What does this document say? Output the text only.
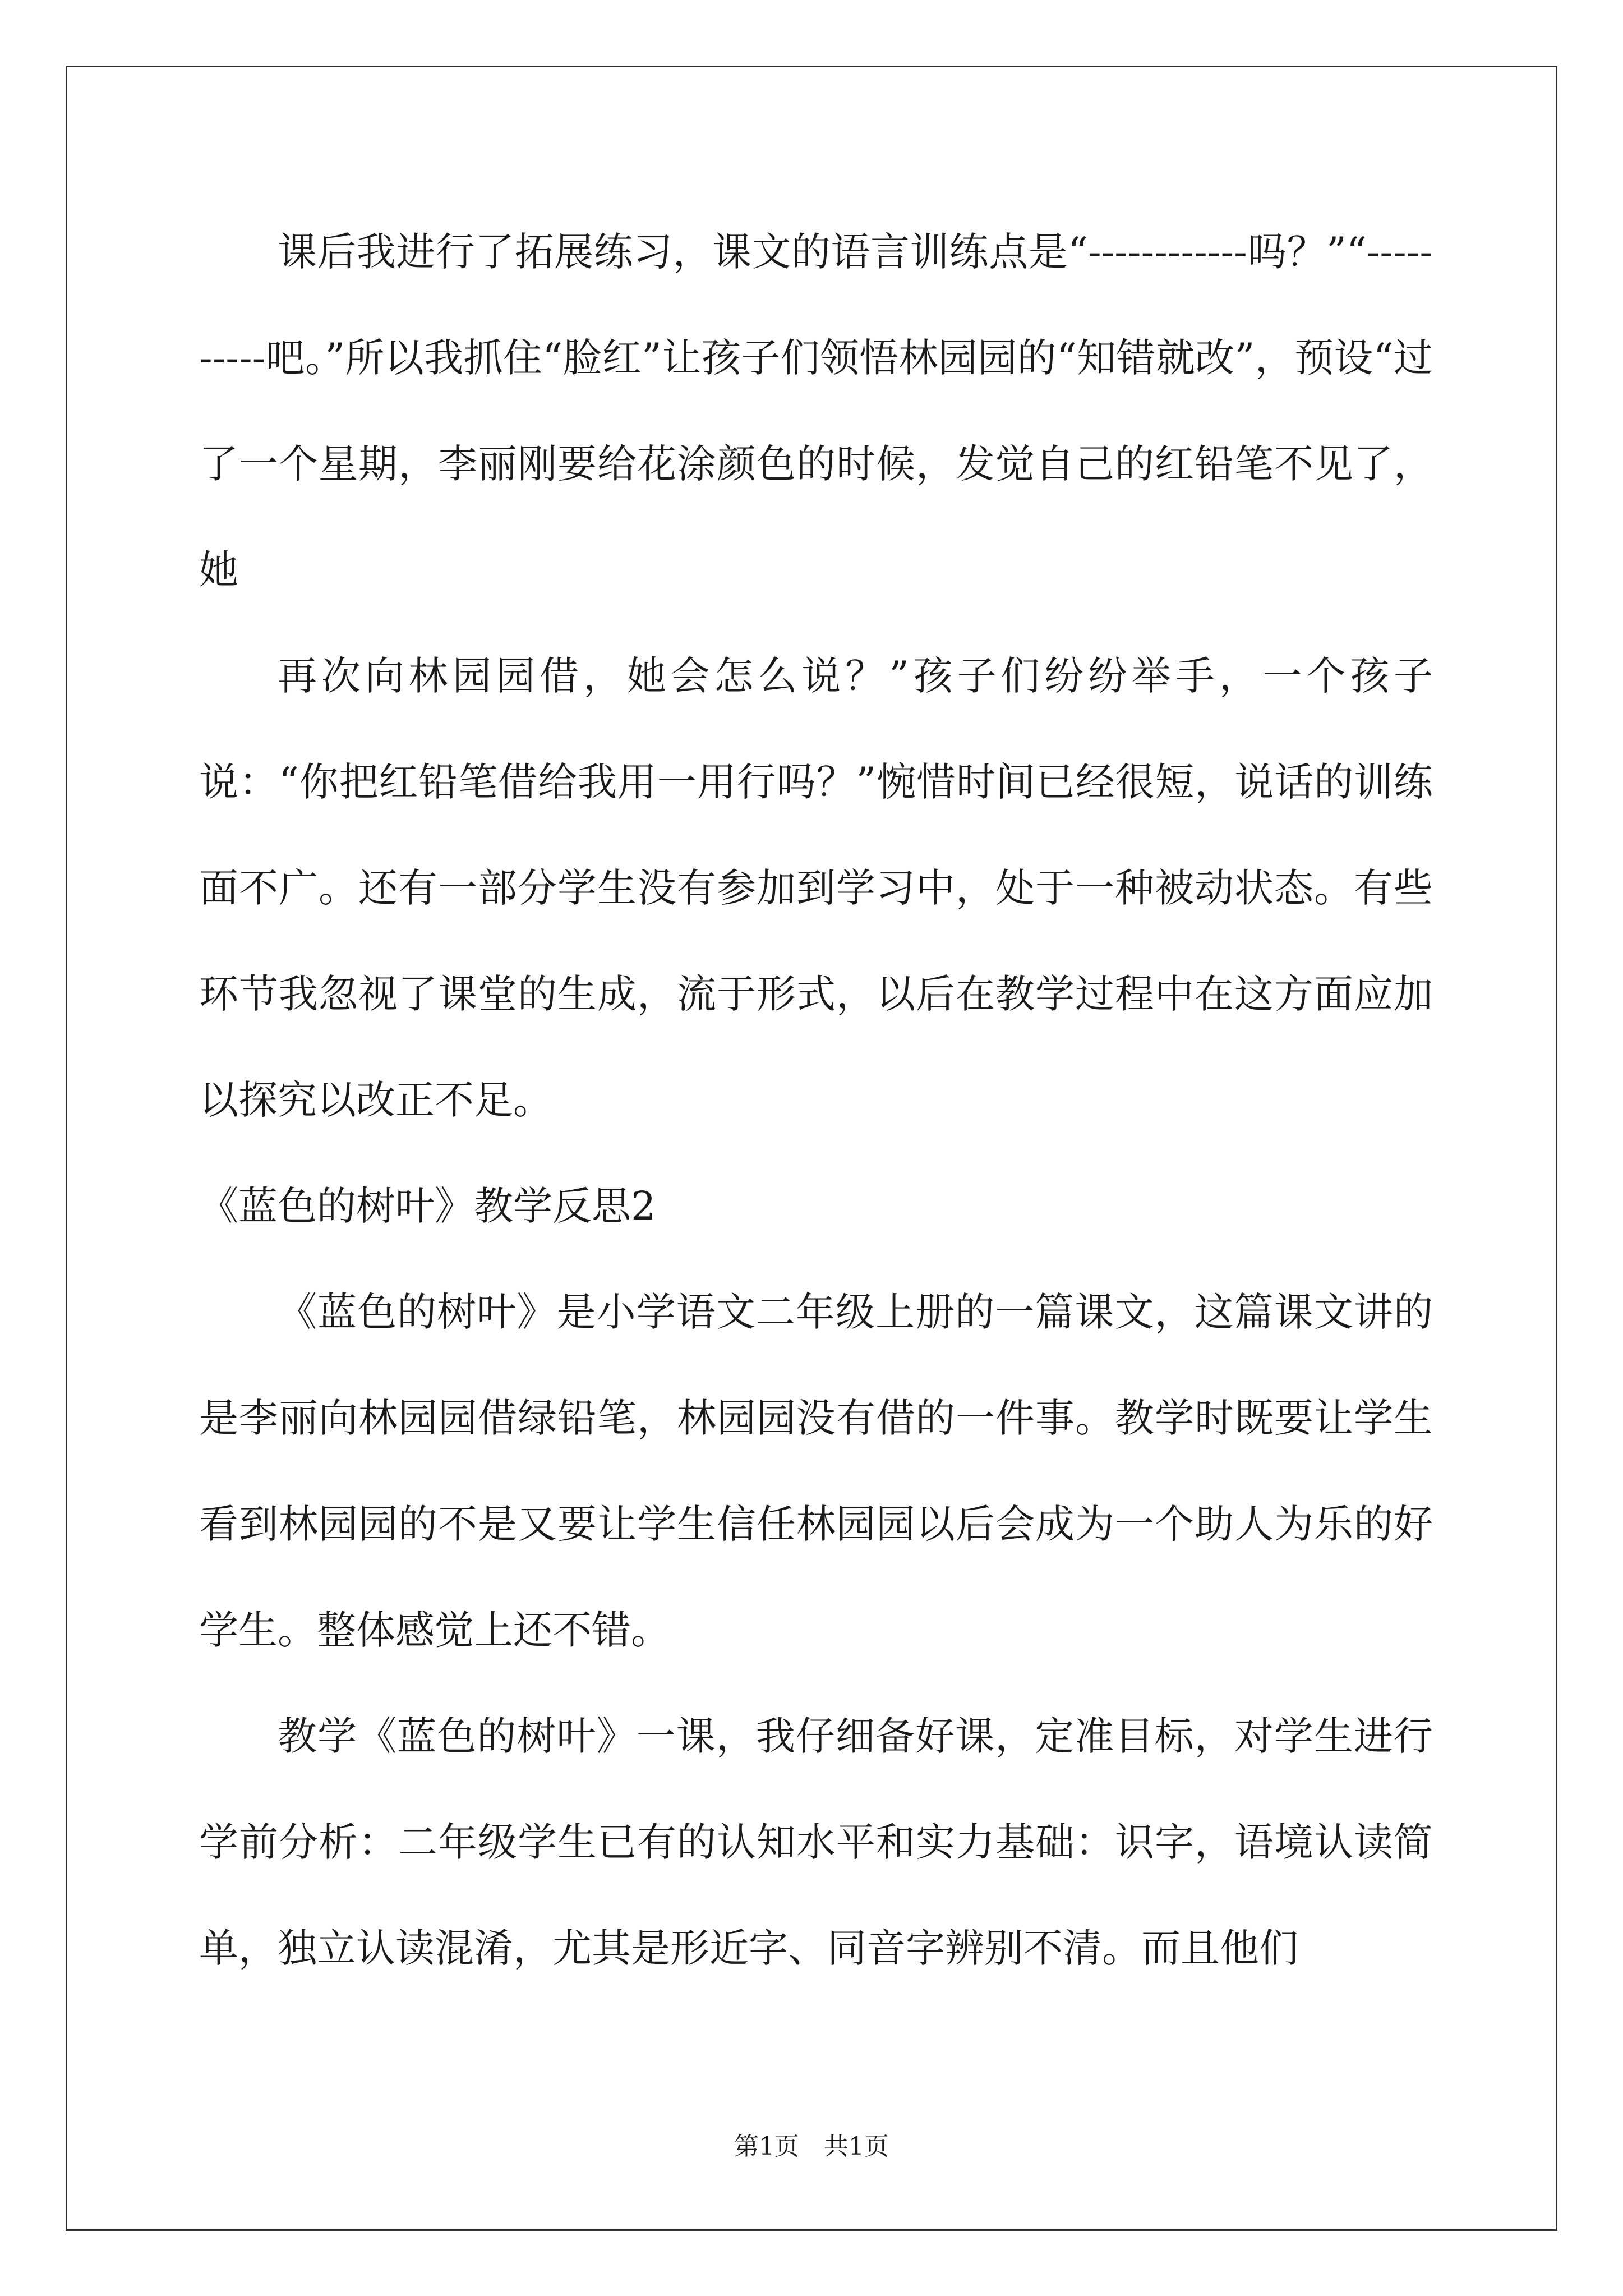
课后我进行了拓展练习，课文的语言训练点是“------------吗？”“----------吧。”所以我抓住“脸红”让孩子们领悟林园园的“知错就改”，预设“过了一个星期，李丽刚要给花涂颜色的时候，发觉自己的红铅笔不见了，她

再次向林园园借，她会怎么说？”孩子们纷纷举手，一个孩子说：“你把红铅笔借给我用一用行吗？”惋惜时间已经很短，说话的训练面不广。还有一部分学生没有参加到学习中，处于一种被动状态。有些环节我忽视了课堂的生成，流于形式，以后在教学过程中在这方面应加以探究以改正不足。

《蓝色的树叶》教学反思2

《蓝色的树叶》是小学语文二年级上册的一篇课文，这篇课文讲的是李丽向林园园借绿铅笔，林园园没有借的一件事。教学时既要让学生看到林园园的不是又要让学生信任林园园以后会成为一个助人为乐的好学生。整体感觉上还不错。

教学《蓝色的树叶》一课，我仔细备好课，定准目标，对学生进行学前分析：二年级学生已有的认知水平和实力基础：识字，语境认读简单，独立认读混淆，尤其是形近字、同音字辨别不清。而且他们

第1页　共1页
